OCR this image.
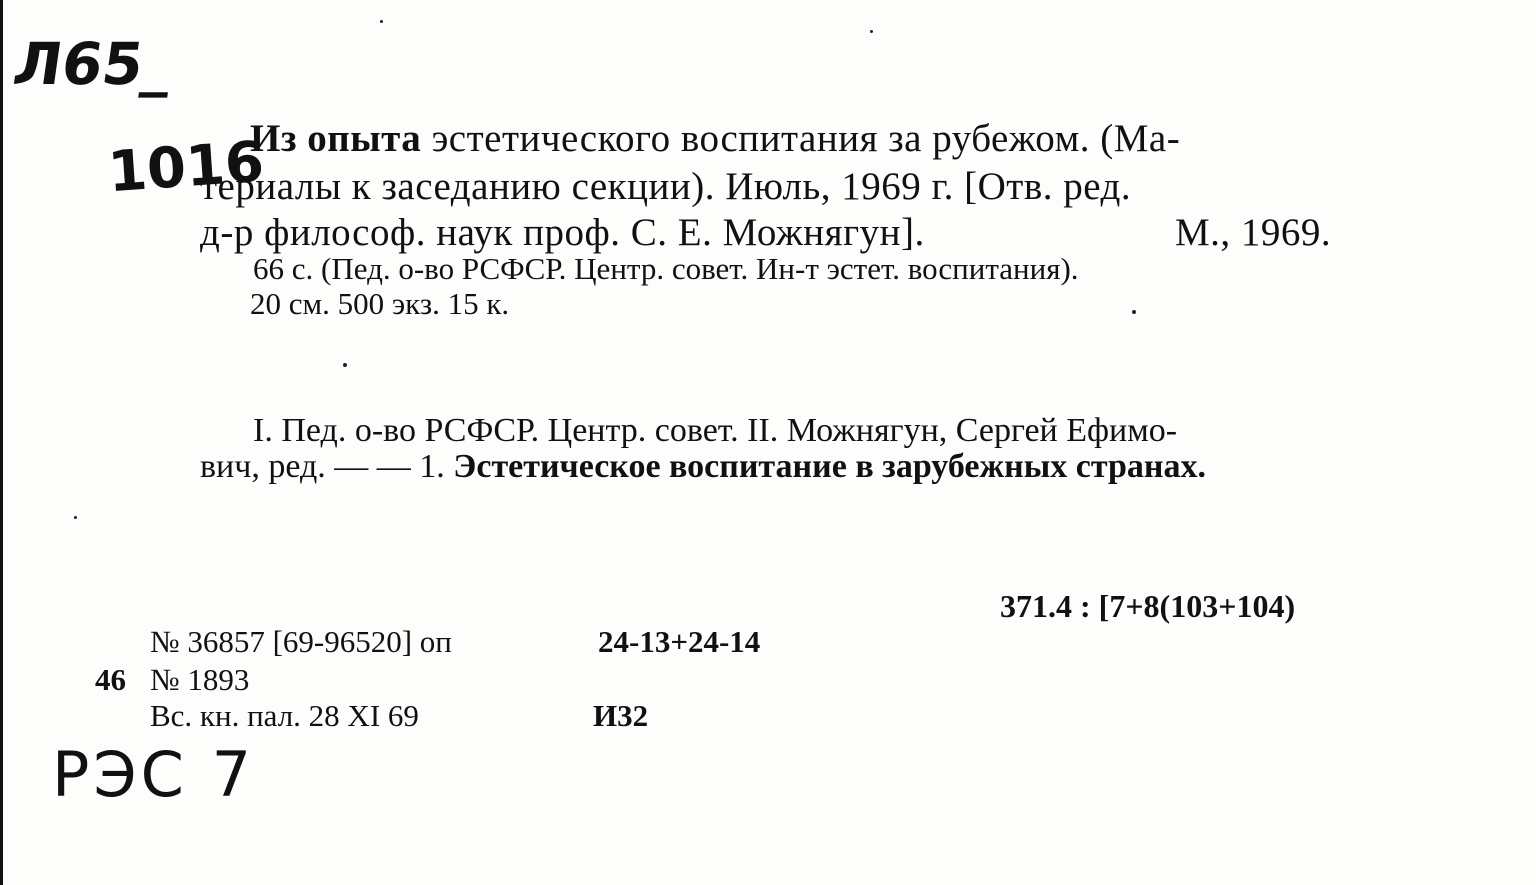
Л65_
1016
РЭС 7
Из опыта эстетического воспитания за рубежом. (Ма-
териалы к заседанию секции). Июль, 1969 г. [Отв. ред.
д-р философ. наук проф. С. Е. Можнягун].	М., 1969.
66 с. (Пед. о-во РСФСР. Центр. совет. Ин-т эстет. воспитания).
20 см. 500 экз. 15 к.
I. Пед. о-во РСФСР. Центр. совет. II. Можнягун, Сергей Ефимо-
вич, ред. — — 1. Эстетическое воспитание в зарубежных странах.
371.4 : [7+8(103+104)
№ 36857 [69-96520] оп	24-13+24-14
46 № 1893
Вс. кн. пал. 28 XI 69	И32
